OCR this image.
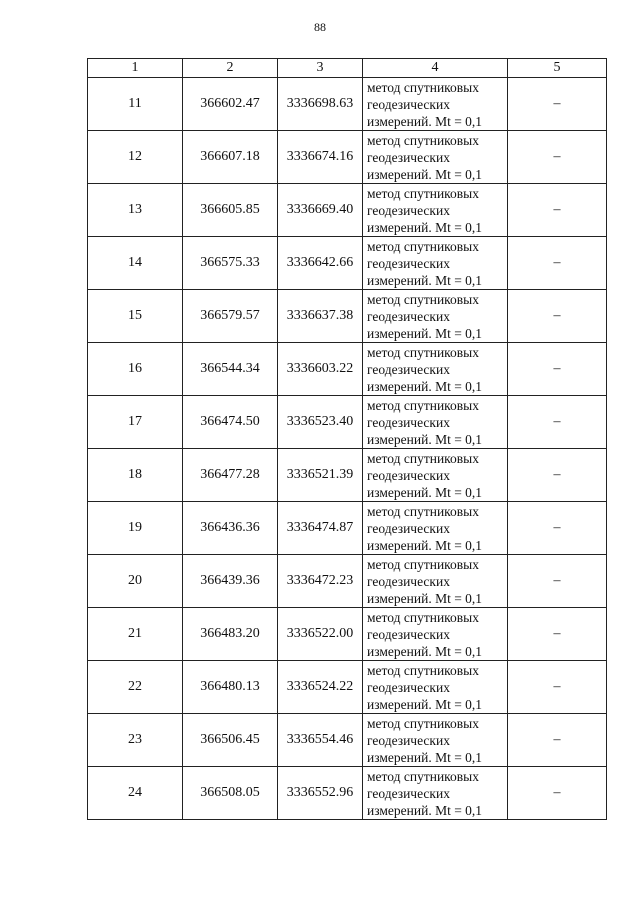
88
1	2	3	4	5
11	366602.47	3336698.63	метод спутниковых
геодезических
измерений. Mt = 0,1	–
12	366607.18	3336674.16	метод спутниковых
геодезических
измерений. Mt = 0,1	–
13	366605.85	3336669.40	метод спутниковых
геодезических
измерений. Mt = 0,1	–
14	366575.33	3336642.66	метод спутниковых
геодезических
измерений. Mt = 0,1	–
15	366579.57	3336637.38	метод спутниковых
геодезических
измерений. Mt = 0,1	–
16	366544.34	3336603.22	метод спутниковых
геодезических
измерений. Mt = 0,1	–
17	366474.50	3336523.40	метод спутниковых
геодезических
измерений. Mt = 0,1	–
18	366477.28	3336521.39	метод спутниковых
геодезических
измерений. Mt = 0,1	–
19	366436.36	3336474.87	метод спутниковых
геодезических
измерений. Mt = 0,1	–
20	366439.36	3336472.23	метод спутниковых
геодезических
измерений. Mt = 0,1	–
21	366483.20	3336522.00	метод спутниковых
геодезических
измерений. Mt = 0,1	–
22	366480.13	3336524.22	метод спутниковых
геодезических
измерений. Mt = 0,1	–
23	366506.45	3336554.46	метод спутниковых
геодезических
измерений. Mt = 0,1	–
24	366508.05	3336552.96	метод спутниковых
геодезических
измерений. Mt = 0,1	–
